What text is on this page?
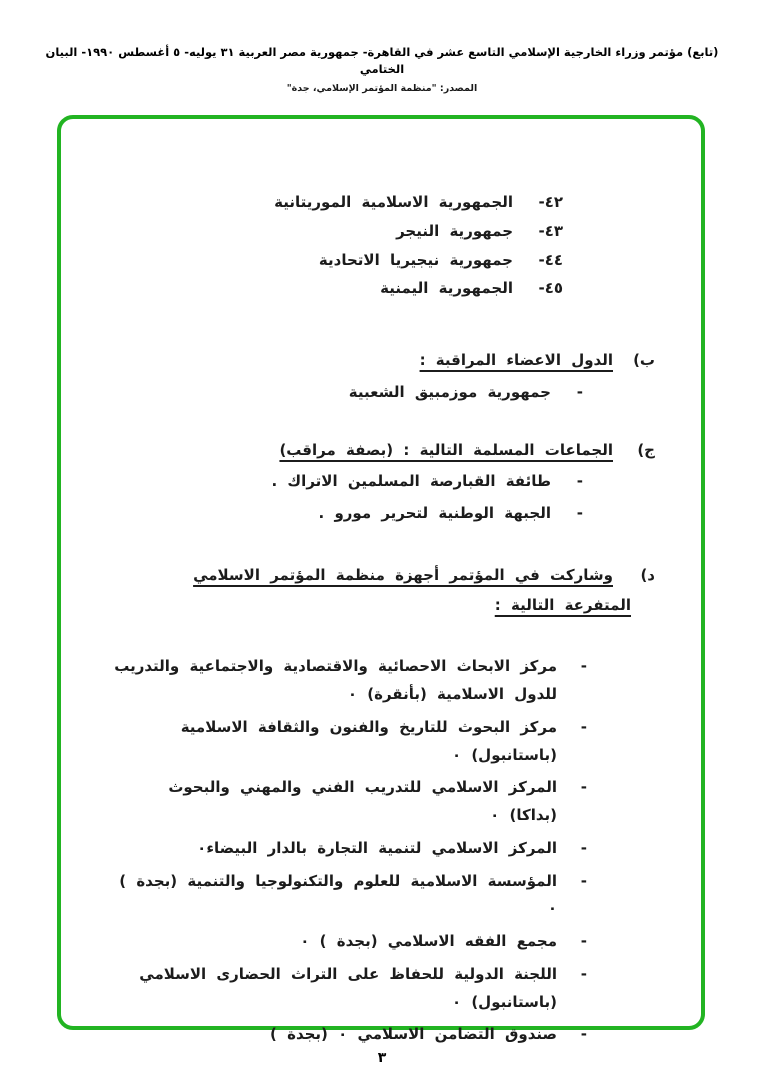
(تابع) مؤتمر وزراء الخارجية الإسلامي التاسع عشر في القاهرة- جمهورية مصر العربية ٣١ يوليه- ٥ أغسطس ١٩٩٠- البيان الختامي
المصدر: "منظمة المؤتمر الإسلامي، جدة"
٤٢-
الجمهورية الاسلامية الموريتانية
٤٣-
جمهورية النيجر
٤٤-
جمهورية نيجيريا الاتحادية
٤٥-
الجمهورية اليمنية
ب)
الدول الاعضاء المراقبة :
-
جمهورية موزمبيق الشعبية
ج)
الجماعات المسلمة التالية : (بصفة مراقب)
-
طائفة القبارصة المسلمين الاتراك .
-
الجبهة الوطنية لتحرير مورو .
د)
وشاركت في المؤتمر أجهزة منظمة المؤتمر الاسلامي
المتفرعة التالية :
-
مركز الابحاث الاحصائية والاقتصادية والاجتماعية والتدريب للدول الاسلامية (بأنقرة) ٠
-
مركز البحوث للتاريخ والفنون والثقافة الاسلامية (باستانبول) ٠
-
المركز الاسلامي للتدريب الفني والمهني والبحوث (بداكا) ٠
-
المركز الاسلامي لتنمية التجارة بالدار البيضاء٠
-
المؤسسة الاسلامية للعلوم والتكنولوجيا والتنمية (بجدة ) ٠
-
مجمع الفقه الاسلامي (بجدة ) ٠
-
اللجنة الدولية للحفاظ على التراث الحضارى الاسلامي (باستانبول) ٠
-
صندوق التضامن الاسلامي ٠ (بجدة )
٣
